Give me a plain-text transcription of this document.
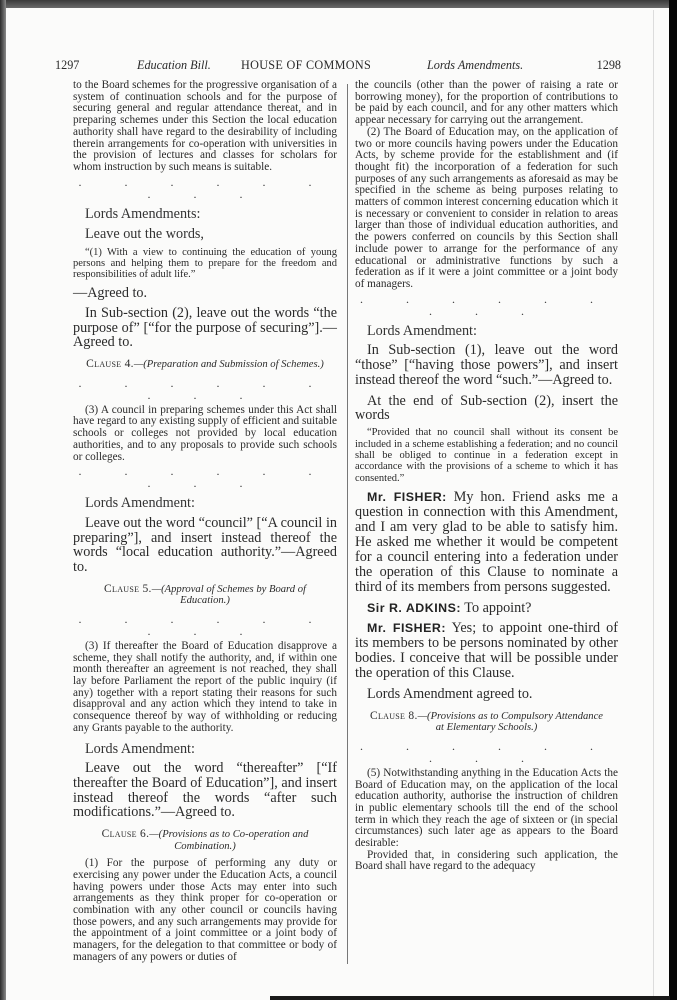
1297	Education Bill. HOUSE OF COMMONS	Lords Amendments.	1298

to the Board schemes for the progressive organisation of a system of continuation schools and for the purpose of securing general and regular attendance thereat, and in preparing schemes under this Section the local education authority shall have regard to the desirability of including therein arrangements for co-operation with universities in the provision of lectures and classes for scholars for whom instruction by such means is suitable.

. . . . . . . . .

Lords Amendments:

Leave out the words,

“(1) With a view to continuing the education of young persons and helping them to prepare for the freedom and responsibilities of adult life.”

—Agreed to.

In Sub-section (2), leave out the words “the purpose of” [“for the purpose of securing”].—Agreed to.

Clause 4.—(Preparation and Submission of Schemes.)

. . . . . . . . .

(3) A council in preparing schemes under this Act shall have regard to any existing supply of efficient and suitable schools or colleges not provided by local education authorities, and to any proposals to provide such schools or colleges.

. . . . . . . . .

Lords Amendment:

Leave out the word “council” [“A council in preparing”], and insert instead thereof the words “local education authority.”—Agreed to.

Clause 5.—(Approval of Schemes by Board of Education.)

. . . . . . . . .

(3) If thereafter the Board of Education disapprove a scheme, they shall notify the authority, and, if within one month thereafter an agreement is not reached, they shall lay before Parliament the report of the public inquiry (if any) together with a report stating their reasons for such disapproval and any action which they intend to take in consequence thereof by way of withholding or reducing any Grants payable to the authority.

Lords Amendment:

Leave out the word “thereafter” [“If thereafter the Board of Education”], and insert instead thereof the words “after such modifications.”—Agreed to.

Clause 6.—(Provisions as to Co-operation and Combination.)

(1) For the purpose of performing any duty or exercising any power under the Education Acts, a council having powers under those Acts may enter into such arrangements as they think proper for co-operation or combination with any other council or councils having those powers, and any such arrangements may provide for the appointment of a joint committee or a joint body of managers, for the delegation to that committee or body of managers of any powers or duties of

the councils (other than the power of raising a rate or borrowing money), for the proportion of contributions to be paid by each council, and for any other matters which appear necessary for carrying out the arrangement.

(2) The Board of Education may, on the application of two or more councils having powers under the Education Acts, by scheme provide for the establishment and (if thought fit) the incorporation of a federation for such purposes of any such arrangements as aforesaid as may be specified in the scheme as being purposes relating to matters of common interest concerning education which it is necessary or convenient to consider in relation to areas larger than those of individual education authorities, and the powers conferred on councils by this Section shall include power to arrange for the performance of any educational or administrative functions by such a federation as if it were a joint committee or a joint body of managers.

. . . . . . . . .

Lords Amendment:

In Sub-section (1), leave out the word “those” [“having those powers”], and insert instead thereof the word “such.”—Agreed to.

At the end of Sub-section (2), insert the words

“Provided that no council shall without its consent be included in a scheme establishing a federation; and no council shall be obliged to continue in a federation except in accordance with the provisions of a scheme to which it has consented.”

Mr. FISHER: My hon. Friend asks me a question in connection with this Amendment, and I am very glad to be able to satisfy him. He asked me whether it would be competent for a council entering into a federation under the operation of this Clause to nominate a third of its members from persons suggested.

Sir R. ADKINS: To appoint?

Mr. FISHER: Yes; to appoint one-third of its members to be persons nominated by other bodies. I conceive that will be possible under the operation of this Clause.

Lords Amendment agreed to.

Clause 8.—(Provisions as to Compulsory Attendance at Elementary Schools.)

. . . . . . . . .

(5) Notwithstanding anything in the Education Acts the Board of Education may, on the application of the local education authority, authorise the instruction of children in public elementary schools till the end of the school term in which they reach the age of sixteen or (in special circumstances) such later age as appears to the Board desirable:

Provided that, in considering such application, the Board shall have regard to the adequacy
